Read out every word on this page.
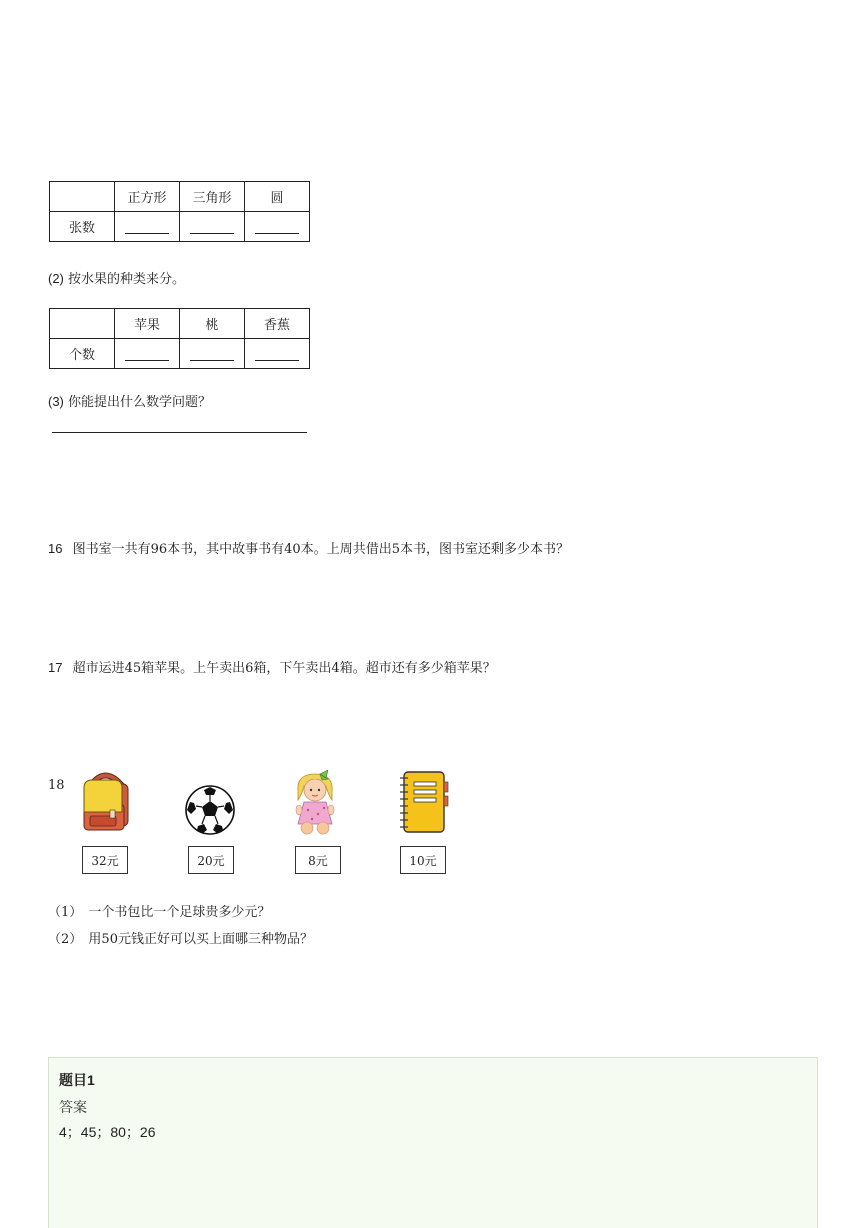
	正方形	三角形	圆
张数			
(2) 按水果的种类来分。
	苹果	桃	香蕉
个数			
(3) 你能提出什么数学问题？
16 图书室一共有96本书，其中故事书有40本。上周共借出5本书，图书室还剩多少本书？
17 超市运进45箱苹果。上午卖出6箱，下午卖出4箱。超市还有多少箱苹果？
18
32元	20元	8元	10元
（1） 一个书包比一个足球贵多少元？
（2） 用50元钱正好可以买上面哪三种物品？
题目1
答案
4；45；80；26
